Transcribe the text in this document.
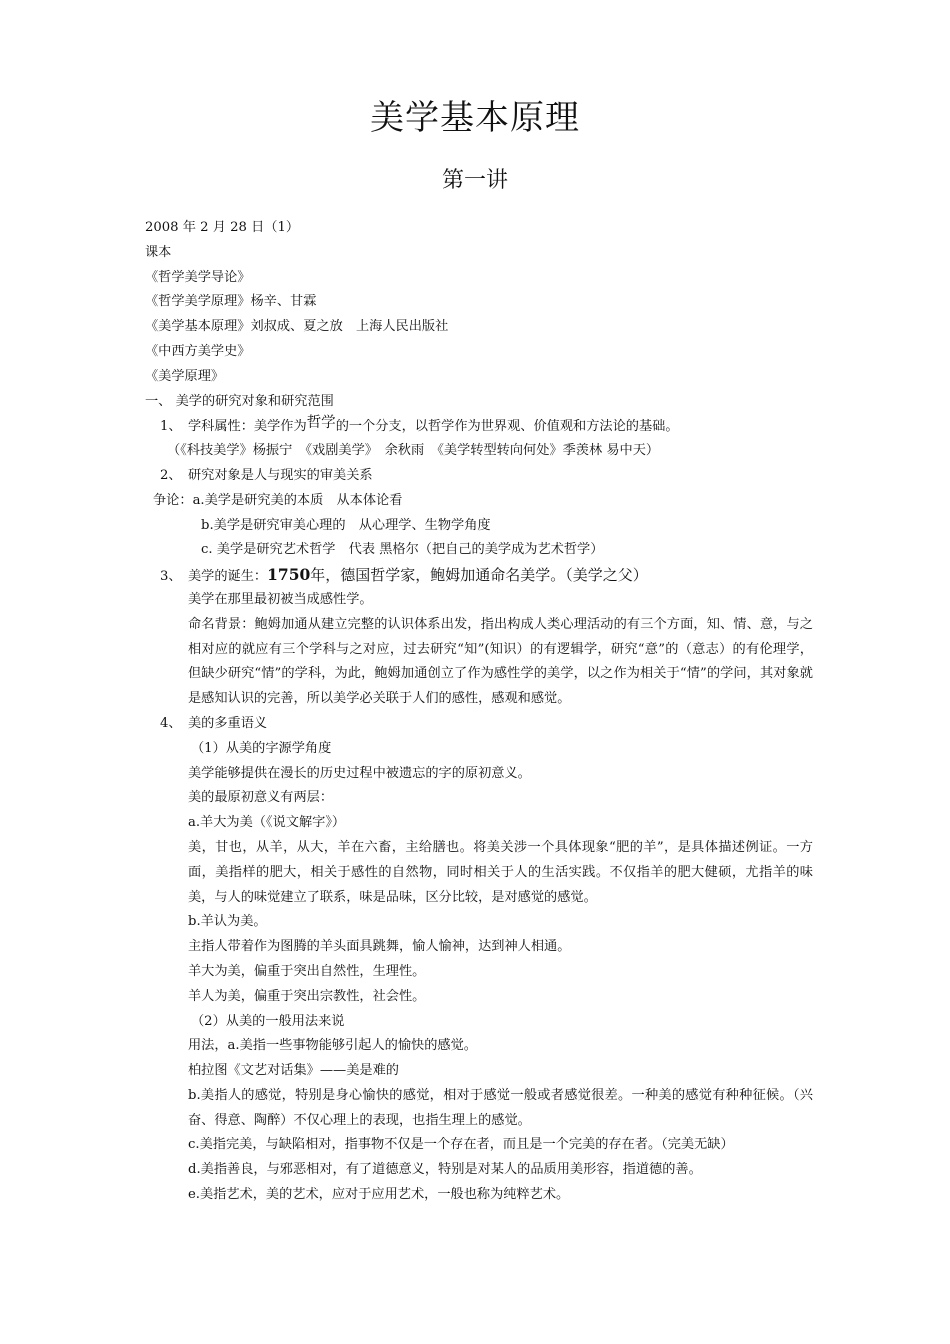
美学基本原理
第一讲
2008 年 2 月 28 日（1）
课本
《哲学美学导论》
《哲学美学原理》杨辛、甘霖
《美学基本原理》刘叔成、夏之放　上海人民出版社
《中西方美学史》
《美学原理》
一、 美学的研究对象和研究范围
1、 学科属性：美学作为哲学的一个分支，以哲学作为世界观、价值观和方法论的基础。
（《科技美学》杨振宁　《戏剧美学》　余秋雨　《美学转型转向何处》季羡林 易中天）
2、 研究对象是人与现实的审美关系
争论：a.美学是研究美的本质　从本体论看
b.美学是研究审美心理的　从心理学、生物学角度
c. 美学是研究艺术哲学　代表 黑格尔（把自己的美学成为艺术哲学）
3、 美学的诞生：1750年，德国哲学家，鲍姆加通命名美学。（美学之父）
美学在那里最初被当成感性学。
命名背景：鲍姆加通从建立完整的认识体系出发，指出构成人类心理活动的有三个方面，知、情、意，与之相对应的就应有三个学科与之对应，过去研究“知”(知识）的有逻辑学，研究“意”的（意志）的有伦理学，但缺少研究“情”的学科，为此，鲍姆加通创立了作为感性学的美学，以之作为相关于“情”的学问，其对象就是感知认识的完善，所以美学必关联于人们的感性，感观和感觉。
4、 美的多重语义
（1）从美的字源学角度
美学能够提供在漫长的历史过程中被遗忘的字的原初意义。
美的最原初意义有两层：
a.羊大为美（《说文解字》）
美，甘也，从羊，从大，羊在六畜，主给膳也。将美关涉一个具体现象“肥的羊”，是具体描述例证。一方面，美指样的肥大，相关于感性的自然物，同时相关于人的生活实践。不仅指羊的肥大健硕，尤指羊的味美，与人的味觉建立了联系，味是品味，区分比较，是对感觉的感觉。
b.羊认为美。
主指人带着作为图腾的羊头面具跳舞，愉人愉神，达到神人相通。
羊大为美，偏重于突出自然性，生理性。
羊人为美，偏重于突出宗教性，社会性。
（2）从美的一般用法来说
用法，a.美指一些事物能够引起人的愉快的感觉。
柏拉图《文艺对话集》——美是难的
b.美指人的感觉，特别是身心愉快的感觉，相对于感觉一般或者感觉很差。一种美的感觉有种种征候。（兴奋、得意、陶醉）不仅心理上的表现，也指生理上的感觉。
c.美指完美，与缺陷相对，指事物不仅是一个存在者，而且是一个完美的存在者。（完美无缺）
d.美指善良，与邪恶相对，有了道德意义，特别是对某人的品质用美形容，指道德的善。
e.美指艺术，美的艺术，应对于应用艺术，一般也称为纯粹艺术。
